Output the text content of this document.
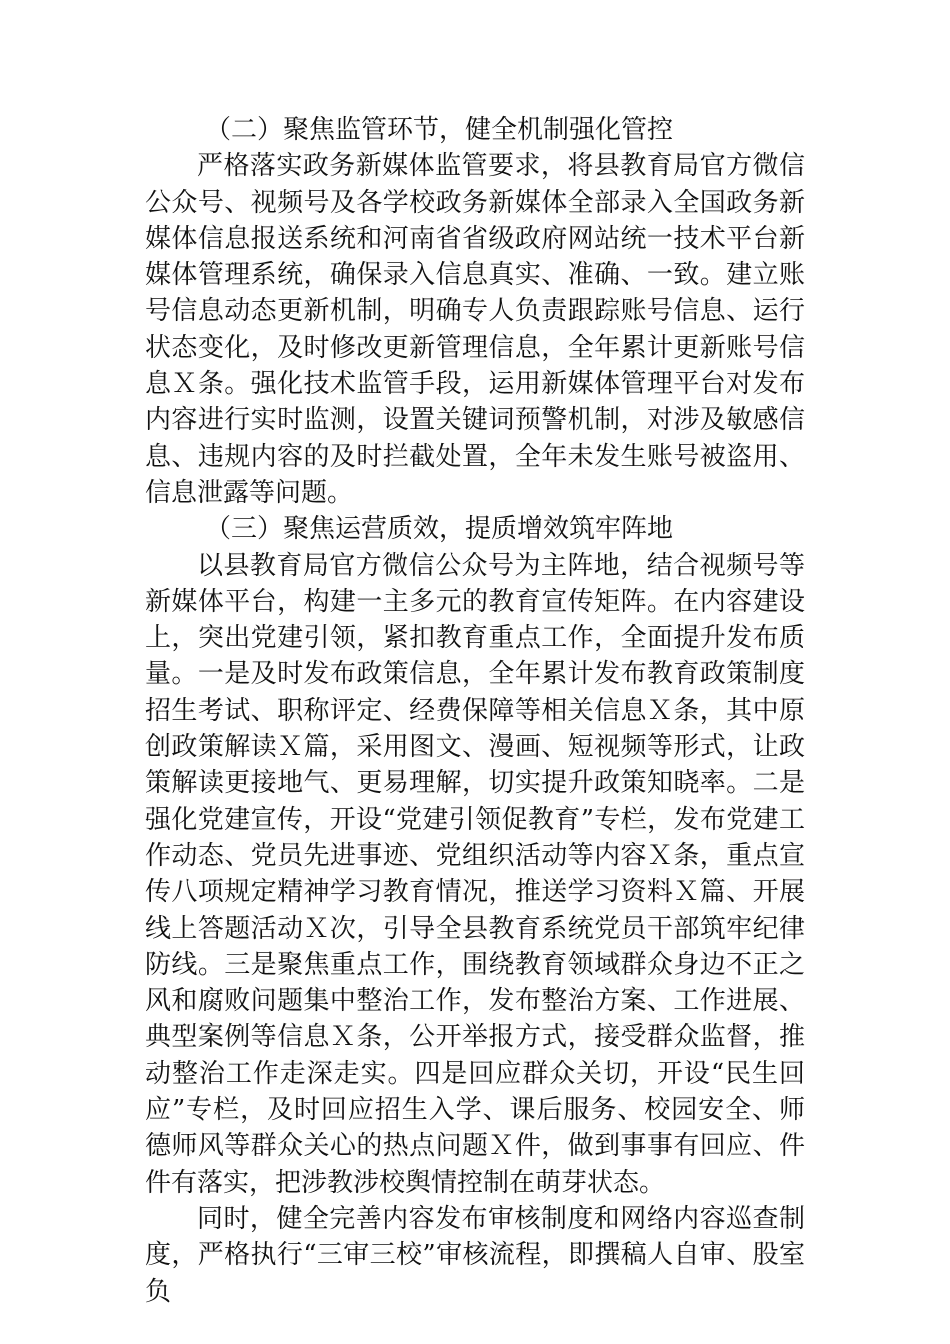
（二）聚焦监管环节，健全机制强化管控

严格落实政务新媒体监管要求，将县教育局官方微信公众号、视频号及各学校政务新媒体全部录入全国政务新媒体信息报送系统和河南省省级政府网站统一技术平台新媒体管理系统，确保录入信息真实、准确、一致。建立账号信息动态更新机制，明确专人负责跟踪账号信息、运行状态变化，及时修改更新管理信息，全年累计更新账号信息Ｘ条。强化技术监管手段，运用新媒体管理平台对发布内容进行实时监测，设置关键词预警机制，对涉及敏感信息、违规内容的及时拦截处置，全年未发生账号被盗用、信息泄露等问题。

（三）聚焦运营质效，提质增效筑牢阵地

以县教育局官方微信公众号为主阵地，结合视频号等新媒体平台，构建一主多元的教育宣传矩阵。在内容建设上，突出党建引领，紧扣教育重点工作，全面提升发布质量。一是及时发布政策信息，全年累计发布教育政策制度招生考试、职称评定、经费保障等相关信息Ｘ条，其中原创政策解读Ｘ篇，采用图文、漫画、短视频等形式，让政策解读更接地气、更易理解，切实提升政策知晓率。二是强化党建宣传，开设“党建引领促教育”专栏，发布党建工作动态、党员先进事迹、党组织活动等内容Ｘ条，重点宣传八项规定精神学习教育情况，推送学习资料Ｘ篇、开展线上答题活动Ｘ次，引导全县教育系统党员干部筑牢纪律防线。三是聚焦重点工作，围绕教育领域群众身边不正之风和腐败问题集中整治工作，发布整治方案、工作进展、典型案例等信息Ｘ条，公开举报方式，接受群众监督，推动整治工作走深走实。四是回应群众关切，开设“民生回应”专栏，及时回应招生入学、课后服务、校园安全、师德师风等群众关心的热点问题Ｘ件，做到事事有回应、件件有落实，把涉教涉校舆情控制在萌芽状态。

同时，健全完善内容发布审核制度和网络内容巡查制度，严格执行“三审三校”审核流程，即撰稿人自审、股室负
